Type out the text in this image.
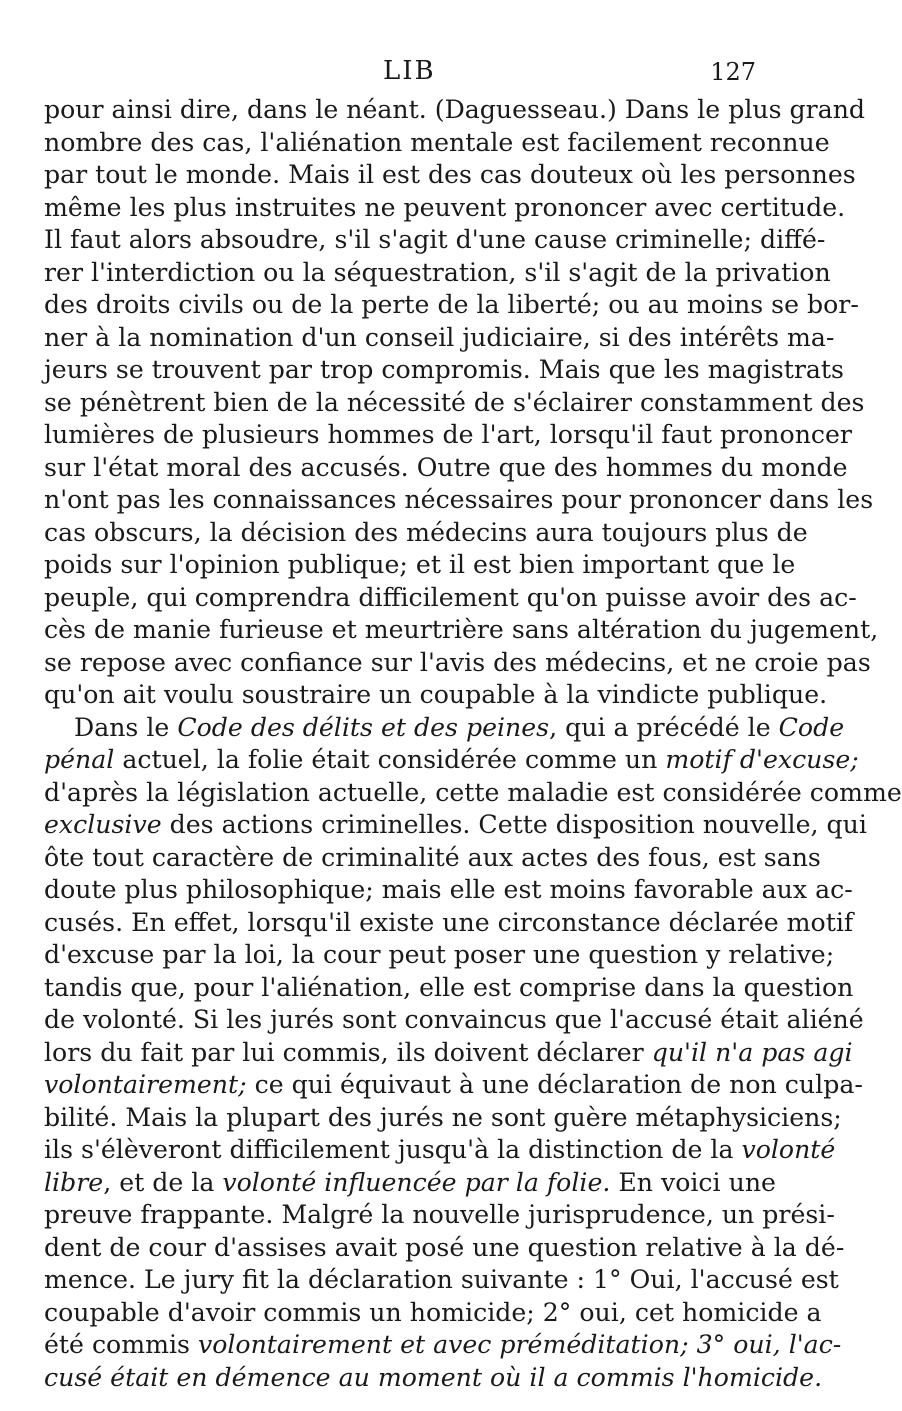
LIB	127
pour ainsi dire, dans le néant. (Daguesseau.) Dans le plus grand
nombre des cas, l'aliénation mentale est facilement reconnue
par tout le monde. Mais il est des cas douteux où les personnes
même les plus instruites ne peuvent prononcer avec certitude.
Il faut alors absoudre, s'il s'agit d'une cause criminelle; diffé-
rer l'interdiction ou la séquestration, s'il s'agit de la privation
des droits civils ou de la perte de la liberté; ou au moins se bor-
ner à la nomination d'un conseil judiciaire, si des intérêts ma-
jeurs se trouvent par trop compromis. Mais que les magistrats
se pénètrent bien de la nécessité de s'éclairer constamment des
lumières de plusieurs hommes de l'art, lorsqu'il faut prononcer
sur l'état moral des accusés. Outre que des hommes du monde
n'ont pas les connaissances nécessaires pour prononcer dans les
cas obscurs, la décision des médecins aura toujours plus de
poids sur l'opinion publique; et il est bien important que le
peuple, qui comprendra difficilement qu'on puisse avoir des ac-
cès de manie furieuse et meurtrière sans altération du jugement,
se repose avec confiance sur l'avis des médecins, et ne croie pas
qu'on ait voulu soustraire un coupable à la vindicte publique.
Dans le Code des délits et des peines, qui a précédé le Code
pénal actuel, la folie était considérée comme un motif d'excuse;
d'après la législation actuelle, cette maladie est considérée comme
exclusive des actions criminelles. Cette disposition nouvelle, qui
ôte tout caractère de criminalité aux actes des fous, est sans
doute plus philosophique; mais elle est moins favorable aux ac-
cusés. En effet, lorsqu'il existe une circonstance déclarée motif
d'excuse par la loi, la cour peut poser une question y relative;
tandis que, pour l'aliénation, elle est comprise dans la question
de volonté. Si les jurés sont convaincus que l'accusé était aliéné
lors du fait par lui commis, ils doivent déclarer qu'il n'a pas agi
volontairement; ce qui équivaut à une déclaration de non culpa-
bilité. Mais la plupart des jurés ne sont guère métaphysiciens;
ils s'élèveront difficilement jusqu'à la distinction de la volonté
libre, et de la volonté influencée par la folie. En voici une
preuve frappante. Malgré la nouvelle jurisprudence, un prési-
dent de cour d'assises avait posé une question relative à la dé-
mence. Le jury fit la déclaration suivante : 1° Oui, l'accusé est
coupable d'avoir commis un homicide; 2° oui, cet homicide a
été commis volontairement et avec préméditation; 3° oui, l'ac-
cusé était en démence au moment où il a commis l'homicide.
